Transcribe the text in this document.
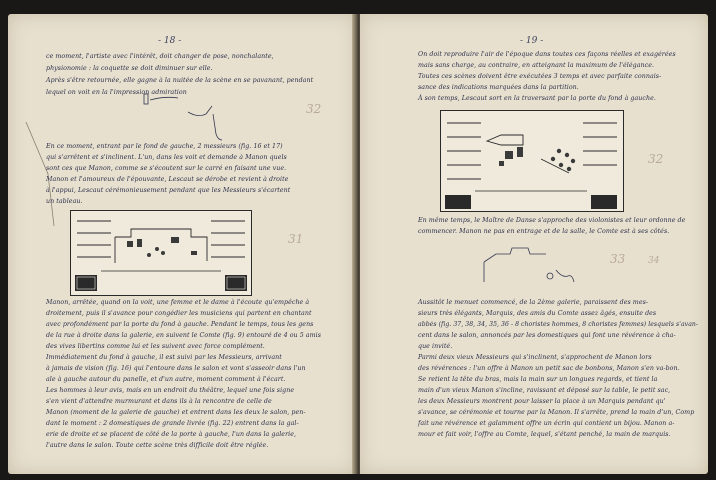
- 18 -
ce moment, l'artiste avec l'intérêt, doit changer de pose, nonchalante,
physionomie : la coquette se doit diminuer sur elle.
Après s'être retournée, elle gagne à la nuitée de la scène en se pavanant, pendant
lequel on voit en la l'impression admiration
32
En ce moment, entrant par le fond de gauche, 2 messieurs (fig. 16 et 17)
qui s'arrêtent et s'inclinent. L'un, dans les voit et demande à Manon quels
sont ces que Manon, comme se s'écoutent sur le carré en faisant une vue.
Manon et l'amoureux de l'épouvante, Lescaut se dérobe et revient à droite
à l'appui, Lescaut cérémonieusement pendant que les Messieurs s'écartent
un tableau.
31
Manon, arrêtée, quand on la voit, une femme et le dame à l'écoute qu'empêche à
droitement, puis il s'avance pour congédier les musiciens qui partent en chantant
avec profondément par la porte du fond à gauche. Pendant le temps, tous les gens
de la rue à droite dans la galerie, en suivent le Comte (fig. 9) entouré de 4 ou 5 amis
des vives libertins comme lui et les suivent avec force complément.
Immédiatement du fond à gauche, il est suivi par les Messieurs, arrivant
à jamais de vision (fig. 16) qui l'entoure dans le salon et vont s'asseoir dans l'un
ale à gauche autour du panelle, et d'un autre, moment comment à l'écart.
Les hommes à leur avis, mais en un endroit du théâtre, lequel une fois signe
s'en vient d'attendre murmurant et dans ils à la rencontre de celle de
Manon (moment de la galerie de gauche) et entrent dans les deux le salon, pen-
dant le moment : 2 domestiques de grande livrée (fig. 22) entrent dans la gal-
erie de droite et se placent de côté de la porte à gauche, l'un dans la galerie,
l'autre dans le salon. Toute cette scène très difficile doit être réglée.
- 19 -
On doit reproduire l'air de l'époque dans toutes ces façons réelles et exagérées
mais sans charge, au contraire, en atteignant la maximum de l'élégance.
Toutes ces scènes doivent être exécutées 3 temps et avec parfaite connais-
sance des indications marquées dans la partition.
À son temps, Lescaut sort en la traversant par la porte du fond à gauche.
32
En même temps, le Maître de Danse s'approche des violonistes et leur ordonne de
commencer. Manon ne pas en entrage et de la salle, le Comte est à ses côtés.
33	34
Aussitôt le menuet commencé, de la 2ème galerie, paraissent des mes-
sieurs très élégants, Marquis, des amis du Comte assez âgés, ensuite des
abbés (fig. 37, 38, 34, 35, 36 - 8 choristes hommes, 8 choristes femmes) lesquels s'avan-
cent dans le salon, annoncés par les domestiques qui font une révérence à cha-
que invité.
Parmi deux vieux Messieurs qui s'inclinent, s'approchent de Manon lors
des révérences : l'un offre à Manon un petit sac de bonbons, Manon s'en va-bon.
Se retient la tête du bras, mais la main sur un longues regards, et tient la
main d'un vieux Manon s'incline, ravissant et déposé sur la table, le petit sac,
les deux Messieurs montrent pour laisser la place à un Marquis pendant qu'
s'avance, se cérémonie et tourne par la Manon. Il s'arrête, prend la main d'un, Comp
fait une révérence et galamment offre un écrin qui contient un bijou. Manon a-
mour et fait voir, l'offre au Comte, lequel, s'étant penché, la main de marquis.
